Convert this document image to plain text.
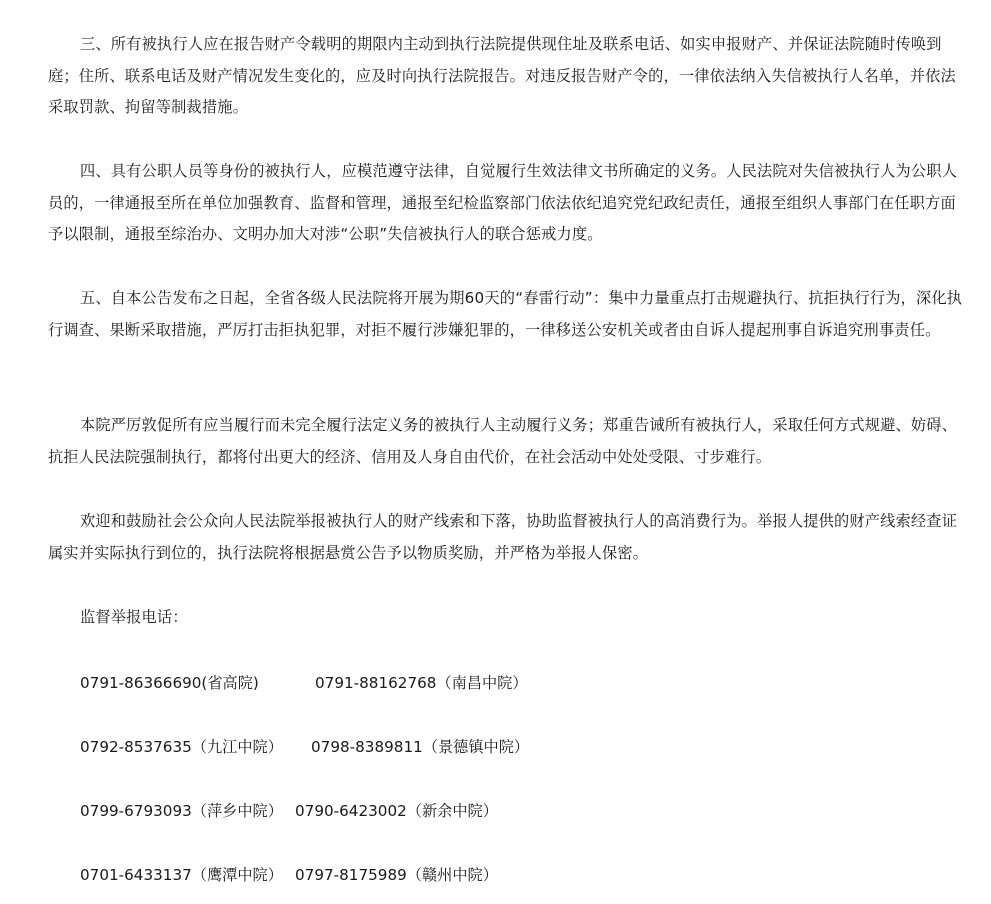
三、所有被执行人应在报告财产令载明的期限内主动到执行法院提供现住址及联系电话、如实申报财产、并保证法院随时传唤到庭；住所、联系电话及财产情况发生变化的，应及时向执行法院报告。对违反报告财产令的，一律依法纳入失信被执行人名单，并依法采取罚款、拘留等制裁措施。

四、具有公职人员等身份的被执行人，应模范遵守法律，自觉履行生效法律文书所确定的义务。人民法院对失信被执行人为公职人员的，一律通报至所在单位加强教育、监督和管理，通报至纪检监察部门依法依纪追究党纪政纪责任，通报至组织人事部门在任职方面予以限制，通报至综治办、文明办加大对涉“公职”失信被执行人的联合惩戒力度。

五、自本公告发布之日起，全省各级人民法院将开展为期60天的“春雷行动”：集中力量重点打击规避执行、抗拒执行行为，深化执行调查、果断采取措施，严厉打击拒执犯罪，对拒不履行涉嫌犯罪的，一律移送公安机关或者由自诉人提起刑事自诉追究刑事责任。

本院严厉敦促所有应当履行而未完全履行法定义务的被执行人主动履行义务；郑重告诫所有被执行人，采取任何方式规避、妨碍、抗拒人民法院强制执行，都将付出更大的经济、信用及人身自由代价，在社会活动中处处受限、寸步难行。

欢迎和鼓励社会公众向人民法院举报被执行人的财产线索和下落，协助监督被执行人的高消费行为。举报人提供的财产线索经查证属实并实际执行到位的，执行法院将根据悬赏公告予以物质奖励，并严格为举报人保密。

监督举报电话：

0791-86366690(省高院)	0791-88162768（南昌中院）
0792-8537635（九江中院） 0798-8389811（景德镇中院）
0799-6793093（萍乡中院） 0790-6423002（新余中院）
0701-6433137（鹰潭中院） 0797-8175989（赣州中院）
